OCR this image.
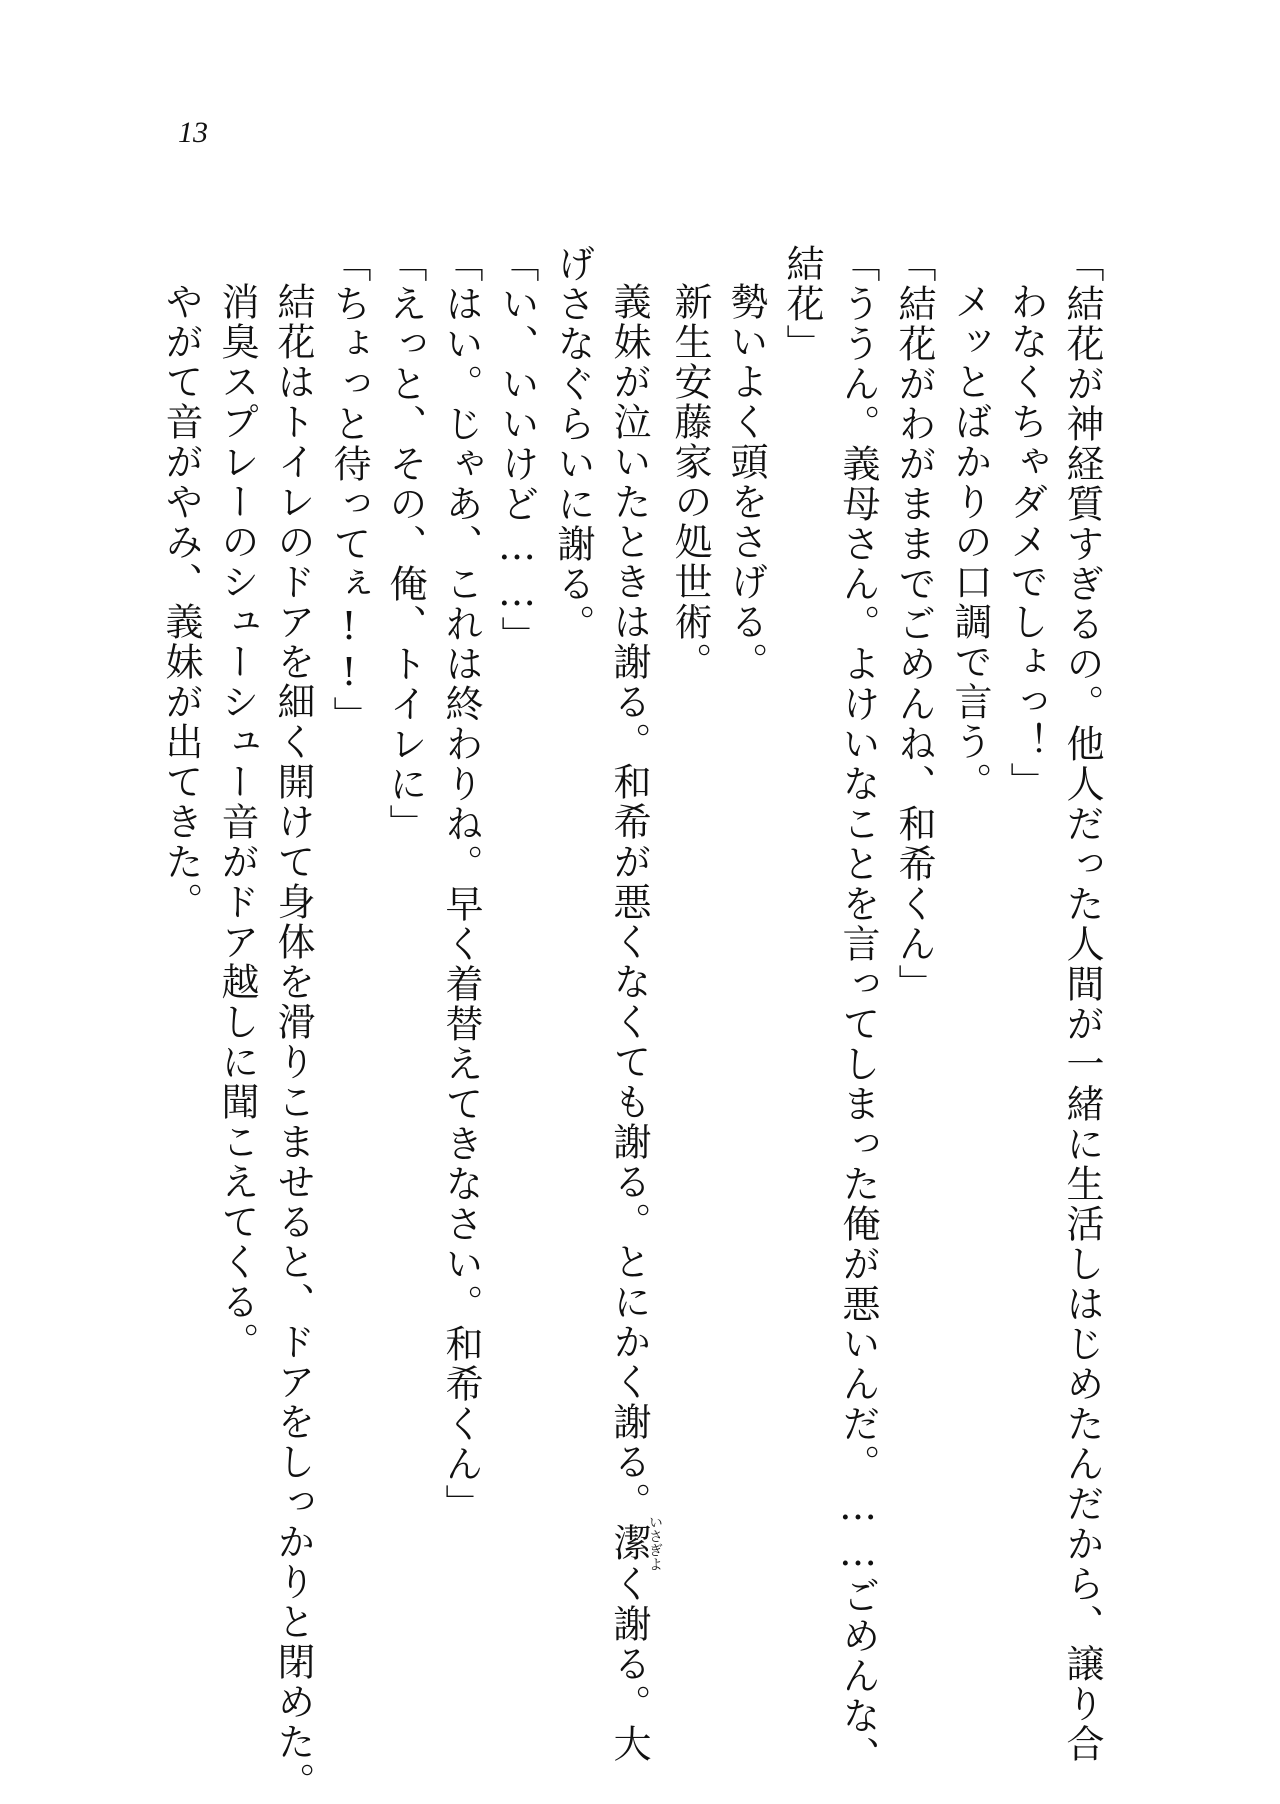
13
「結花が神経質すぎるの。他人だった人間が一緒に生活しはじめたんだから、譲り合
わなくちゃダメでしょっ！」
メッとばかりの口調で言う。
「結花がわがままでごめんね、和希くん」
「ううん。義母さん。よけいなことを言ってしまった俺が悪いんだ。……ごめんな、
結花」
勢いよく頭をさげる。
新生安藤家の処世術。
義妹が泣いたときは謝る。和希が悪くなくても謝る。とにかく謝る。潔いさぎよく謝る。大
げさなぐらいに謝る。
「い、いいけど……」
「はい。じゃあ、これは終わりね。早く着替えてきなさい。和希くん」
「えっと、その、俺、トイレに」
「ちょっと待ってぇ!!」
結花はトイレのドアを細く開けて身体を滑りこませると、ドアをしっかりと閉めた。
消臭スプレーのシューシュー音がドア越しに聞こえてくる。
やがて音がやみ、義妹が出てきた。
